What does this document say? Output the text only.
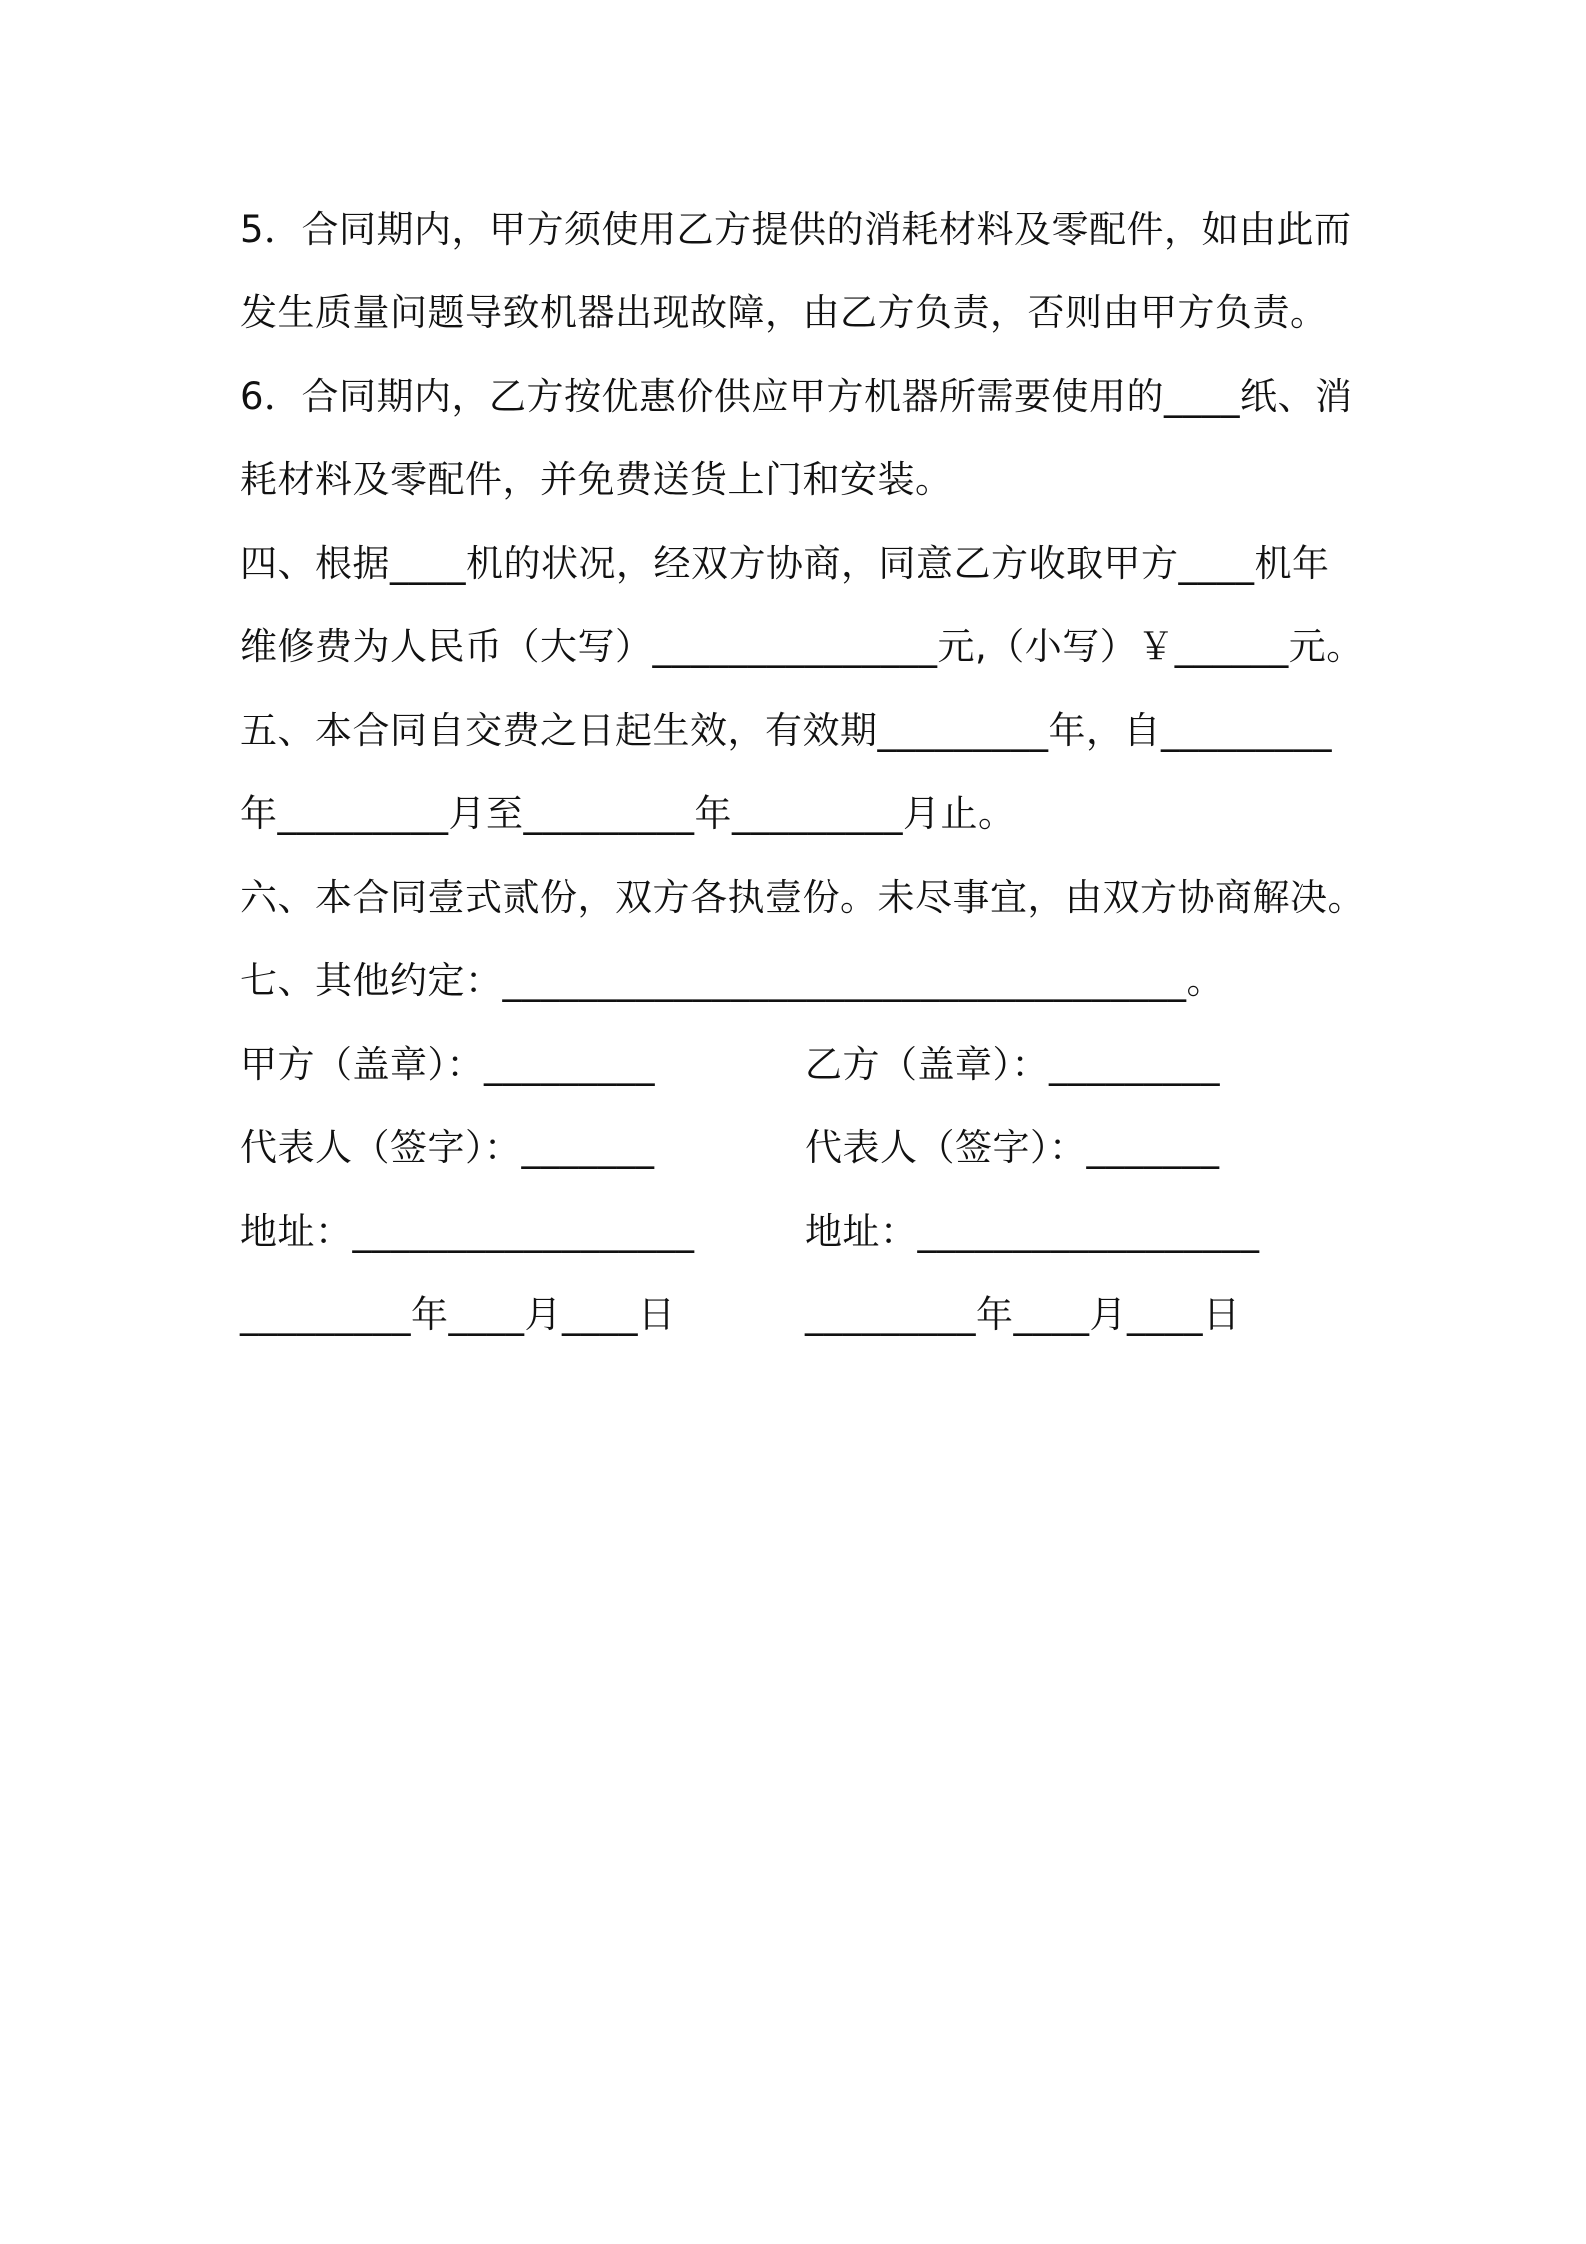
5．合同期内，甲方须使用乙方提供的消耗材料及零配件，如由此而

发生质量问题导致机器出现故障，由乙方负责，否则由甲方负责。

6．合同期内，乙方按优惠价供应甲方机器所需要使用的____纸、消

耗材料及零配件，并免费送货上门和安装。

四、根据____机的状况，经双方协商，同意乙方收取甲方____机年

维修费为人民币（大写）_______________元,（小写）￥______元。

五、本合同自交费之日起生效，有效期_________年，自_________

年_________月至_________年_________月止。

六、本合同壹式贰份，双方各执壹份。未尽事宜，由双方协商解决。

七、其他约定：____________________________________。

甲方（盖章）：_________	乙方（盖章）：_________

代表人（签字）：_______	代表人（签字）：_______

地址：__________________	地址：__________________

_________年____月____日	_________年____月____日
